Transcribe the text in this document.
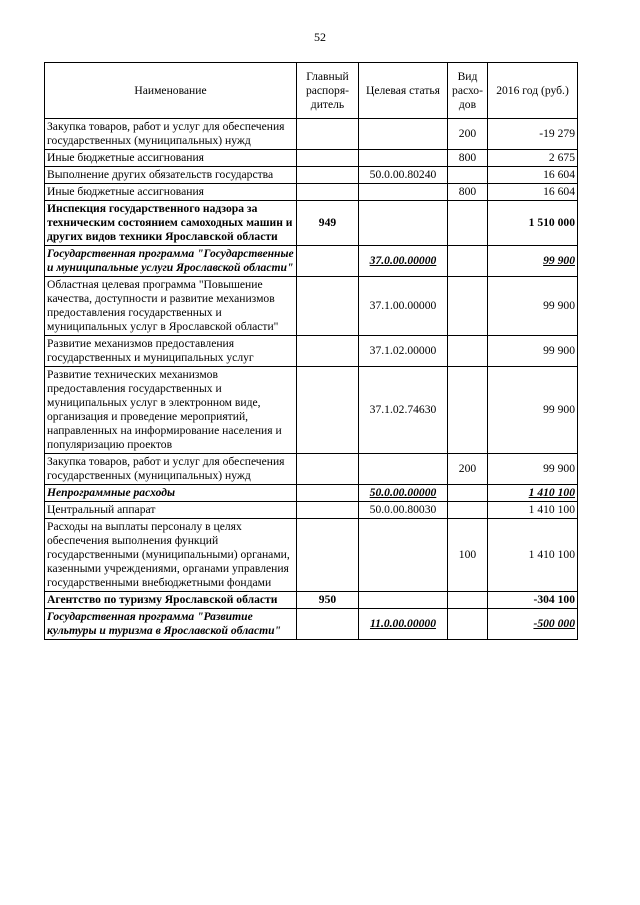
52
Наименование	Главный распоря-дитель	Целевая статья	Вид расхо-дов	2016 год (руб.)
Закупка товаров, работ и услуг для обеспечения государственных (муниципальных) нужд			200	-19 279
Иные бюджетные ассигнования			800	2 675
Выполнение других обязательств государства		50.0.00.80240		16 604
Иные бюджетные ассигнования			800	16 604
Инспекция государственного надзора за техническим состоянием самоходных машин и других видов техники Ярославской области	949			1 510 000
Государственная программа "Государственные и муниципальные услуги Ярославской области"		37.0.00.00000		99 900
Областная целевая программа "Повышение качества, доступности и развитие механизмов предоставления государственных и муниципальных услуг в Ярославской области"		37.1.00.00000		99 900
Развитие механизмов предоставления государственных и муниципальных услуг		37.1.02.00000		99 900
Развитие технических механизмов предоставления государственных и муниципальных услуг в электронном виде, организация и проведение мероприятий, направленных на информирование населения и популяризацию проектов		37.1.02.74630		99 900
Закупка товаров, работ и услуг для обеспечения государственных (муниципальных) нужд			200	99 900
Непрограммные расходы		50.0.00.00000		1 410 100
Центральный аппарат		50.0.00.80030		1 410 100
Расходы на выплаты персоналу в целях обеспечения выполнения функций государственными (муниципальными) органами, казенными учреждениями, органами управления государственными внебюджетными фондами			100	1 410 100
Агентство по туризму Ярославской области	950			-304 100
Государственная программа "Развитие культуры и туризма в Ярославской области"		11.0.00.00000		-500 000
